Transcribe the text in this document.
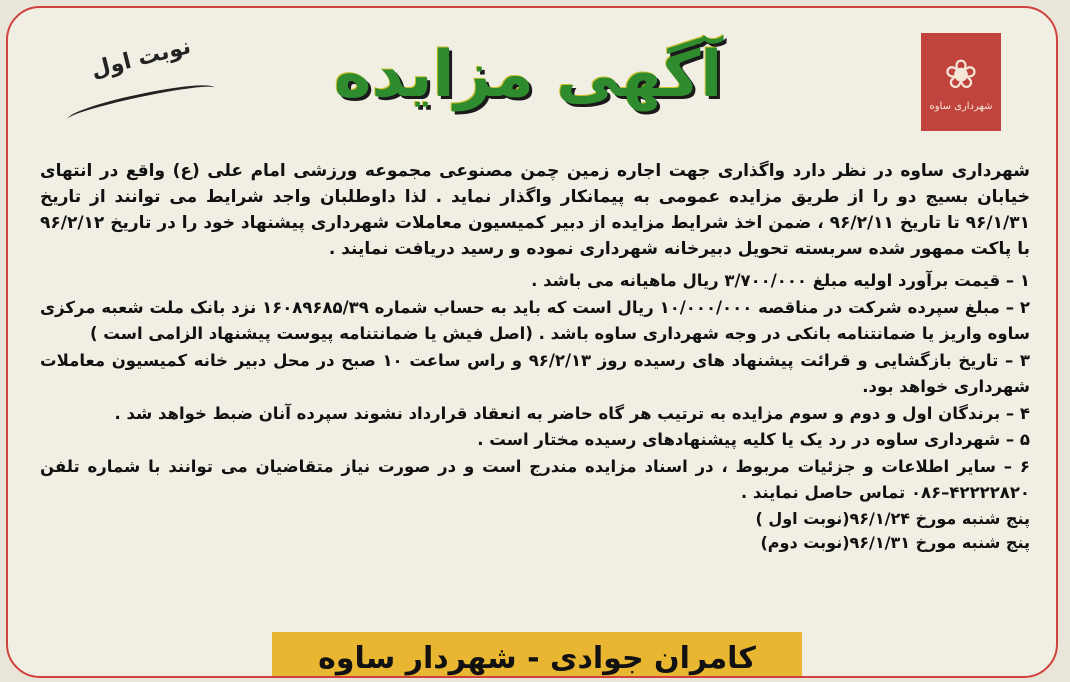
❀
شهرداری ساوه
آگهی مزایده
نوبت اول

شهرداری ساوه در نظر دارد واگذاری جهت اجاره زمین چمن مصنوعی مجموعه ورزشی امام علی (ع) واقع در انتهای خیابان بسیج دو را از طریق مزایده عمومی به پیمانکار واگذار نماید . لذا داوطلبان واجد شرایط می توانند از تاریخ ۹۶/۱/۳۱ تا تاریخ ۹۶/۲/۱۱ ، ضمن اخذ شرایط مزایده از دبیر کمیسیون معاملات شهرداری پیشنهاد خود را در تاریخ ۹۶/۲/۱۲ با پاکت ممهور شده سربسته تحویل دبیرخانه شهرداری نموده و رسید دریافت نمایند .

۱ – قیمت برآورد اولیه مبلغ ۳/۷۰۰/۰۰۰ ریال ماهیانه می باشد .

۲ – مبلغ سپرده شرکت در مناقصه ۱۰/۰۰۰/۰۰۰ ریال است که باید به حساب شماره ۱۶۰۸۹۶۸۵/۳۹ نزد بانک ملت شعبه مرکزی ساوه واریز یا ضمانتنامه بانکی در وجه شهرداری ساوه باشد . (اصل فیش یا ضمانتنامه پیوست پیشنهاد الزامی است )

۳ – تاریخ بازگشایی و قرائت پیشنهاد های رسیده روز ۹۶/۲/۱۳ و راس ساعت ۱۰ صبح در محل دبیر خانه کمیسیون معاملات شهرداری خواهد بود.

۴ – برندگان اول و دوم و سوم مزایده به ترتیب هر گاه حاضر به انعقاد قرارداد نشوند سپرده آنان ضبط خواهد شد .

۵ – شهرداری ساوه در رد یک یا کلیه پیشنهادهای رسیده مختار است .

۶ – سایر اطلاعات و جزئیات مربوط ، در اسناد مزایده مندرج است و در صورت نیاز متقاضیان می توانند با شماره تلفن ۴۲۲۲۲۸۲۰–۰۸۶ تماس حاصل نمایند .

پنج شنبه مورخ ۹۶/۱/۲۴(نوبت اول )
پنج شنبه مورخ ۹۶/۱/۳۱(نوبت دوم)
کامران جوادی - شهردار ساوه
